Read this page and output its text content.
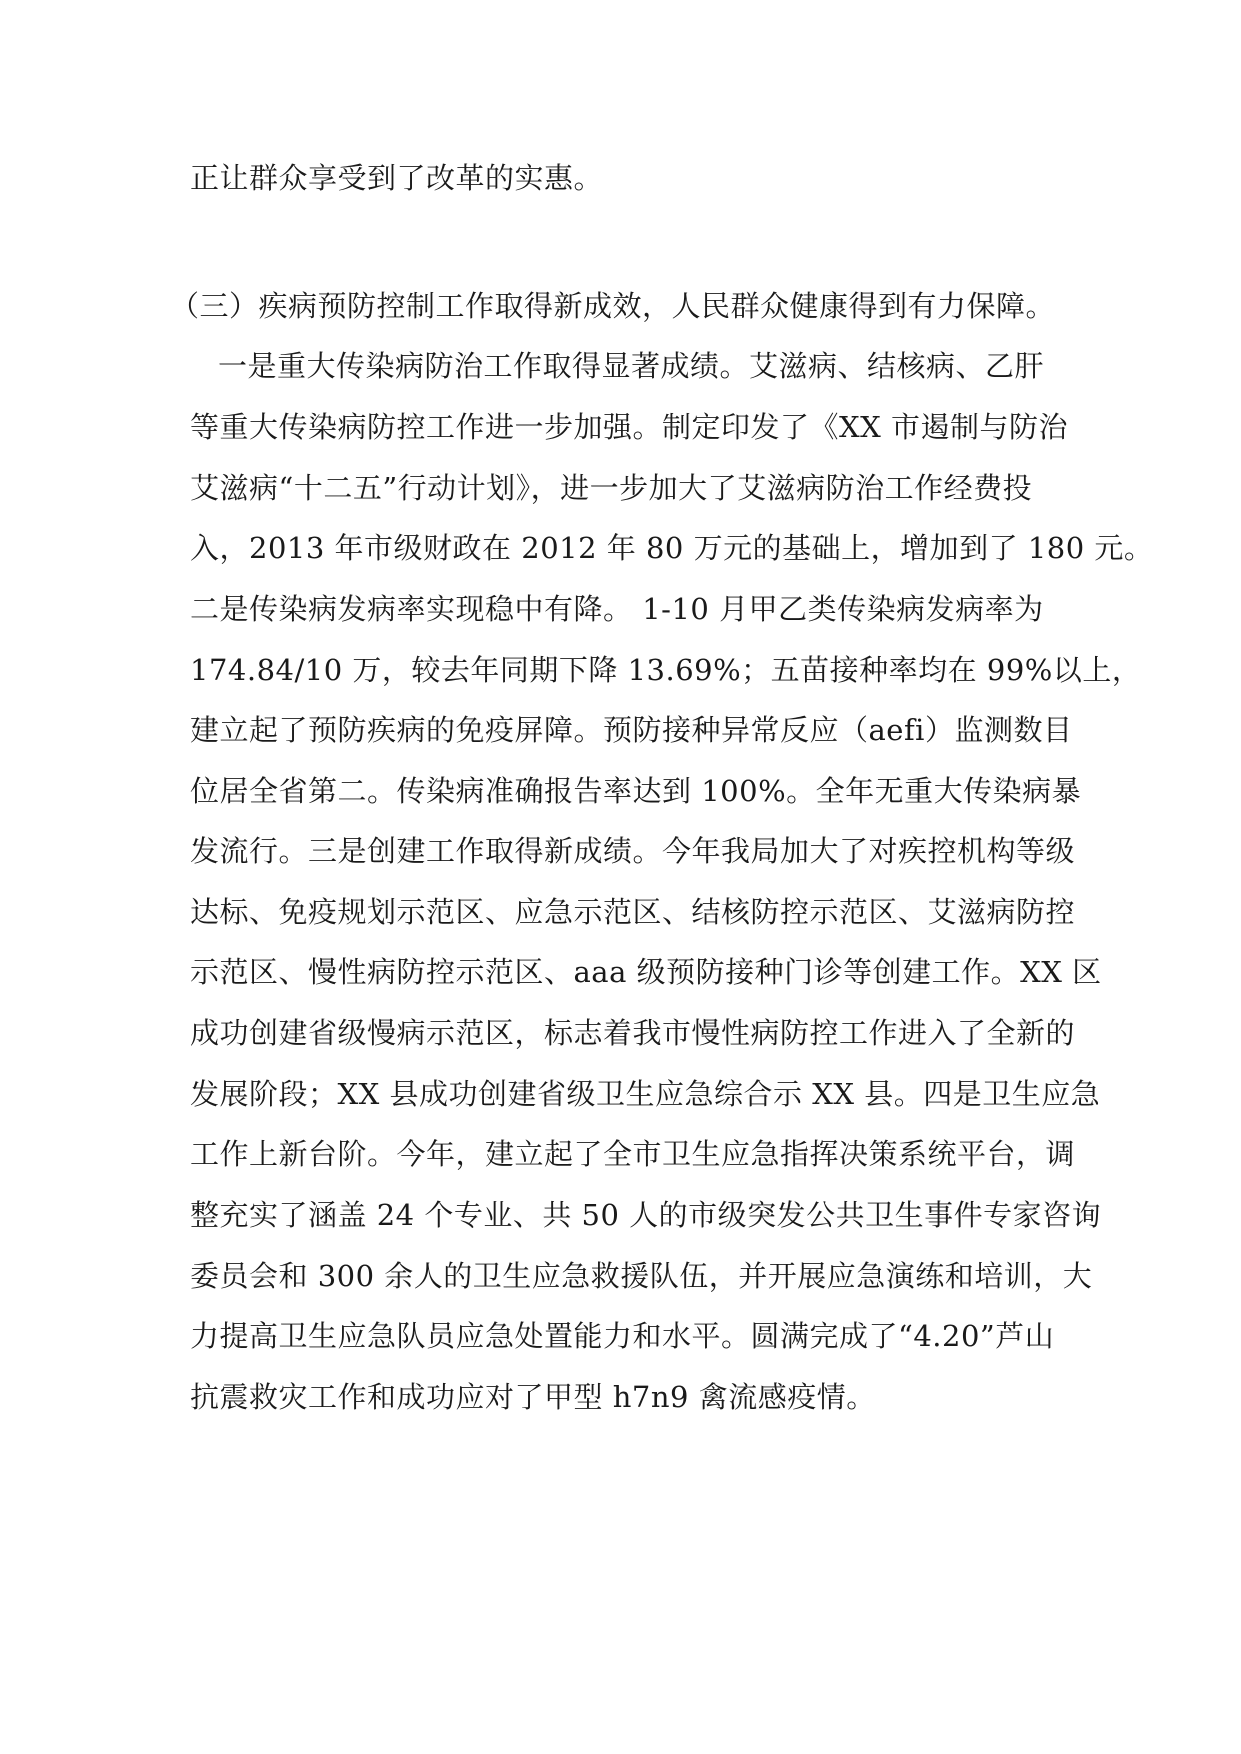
正让群众享受到了改革的实惠。
（三）疾病预防控制工作取得新成效，人民群众健康得到有力保障。
一是重大传染病防治工作取得显著成绩。艾滋病、结核病、乙肝
等重大传染病防控工作进一步加强。制定印发了《XX 市遏制与防治
艾滋病“十二五”行动计划》，进一步加大了艾滋病防治工作经费投
入，2013 年市级财政在 2012 年 80 万元的基础上，增加到了 180 元。
二是传染病发病率实现稳中有降。 1-10 月甲乙类传染病发病率为
174.84/10 万，较去年同期下降 13.69%；五苗接种率均在 99%以上，
建立起了预防疾病的免疫屏障。预防接种异常反应（aefi）监测数目
位居全省第二。传染病准确报告率达到 100%。全年无重大传染病暴
发流行。三是创建工作取得新成绩。今年我局加大了对疾控机构等级
达标、免疫规划示范区、应急示范区、结核防控示范区、艾滋病防控
示范区、慢性病防控示范区、aaa 级预防接种门诊等创建工作。XX 区
成功创建省级慢病示范区，标志着我市慢性病防控工作进入了全新的
发展阶段；XX 县成功创建省级卫生应急综合示 XX 县。四是卫生应急
工作上新台阶。今年，建立起了全市卫生应急指挥决策系统平台，调
整充实了涵盖 24 个专业、共 50 人的市级突发公共卫生事件专家咨询
委员会和 300 余人的卫生应急救援队伍，并开展应急演练和培训，大
力提高卫生应急队员应急处置能力和水平。圆满完成了“4.20”芦山
抗震救灾工作和成功应对了甲型 h7n9 禽流感疫情。
